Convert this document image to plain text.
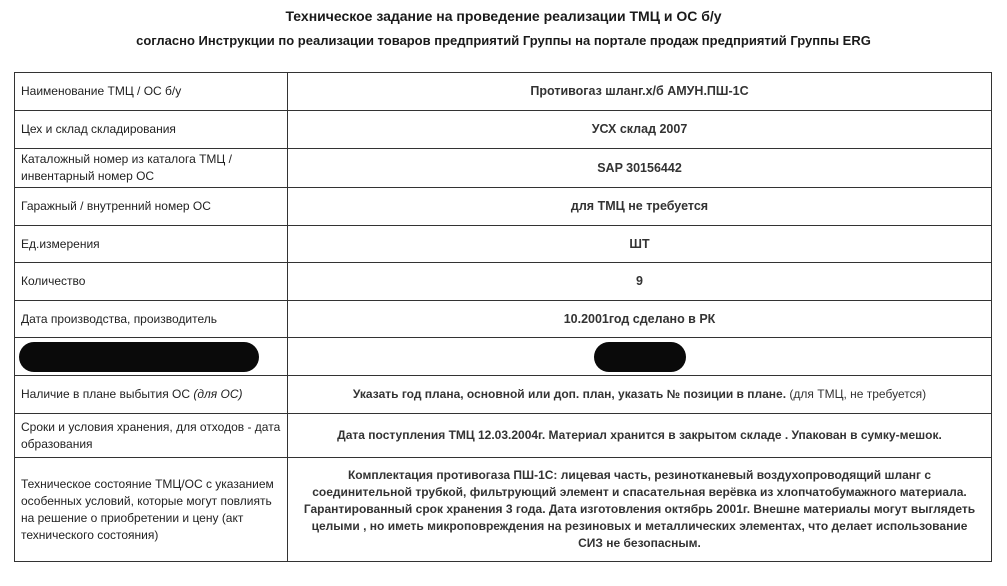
Техническое задание на проведение реализации ТМЦ и ОС б/у
согласно Инструкции по реализации товаров предприятий Группы на портале продаж предприятий Группы ERG
Наименование ТМЦ / ОС б/у	Противогаз шланг.х/б АМУН.ПШ-1С
Цех и склад складирования	УСХ склад 2007
Каталожный номер из каталога ТМЦ / инвентарный номер ОС	SAP 30156442
Гаражный / внутренний номер ОС	для ТМЦ не требуется
Ед.измерения	ШТ
Количество	9
Дата производства, производитель	10.2001год сделано в РК

Наличие в плане выбытия ОС (для ОС)	Указать год плана, основной или доп. план, указать № позиции в плане. (для ТМЦ, не требуется)
Сроки и условия хранения, для отходов - дата образования	Дата поступления ТМЦ 12.03.2004г. Материал хранится в закрытом складе . Упакован в сумку-мешок.
Техническое состояние ТМЦ/ОС с указанием особенных условий, которые могут повлиять на решение о приобретении и цену (акт технического состояния)	Комплектация противогаза ПШ-1С: лицевая часть, резинотканевый воздухопроводящий шланг с соединительной трубкой, фильтрующий элемент и спасательная верёвка из хлопчатобумажного материала. Гарантированный срок хранения 3 года. Дата изготовления октябрь 2001г. Внешне материалы могут выглядеть целыми , но иметь микроповреждения на резиновых и металлических элементах, что делает использование СИЗ не безопасным.
